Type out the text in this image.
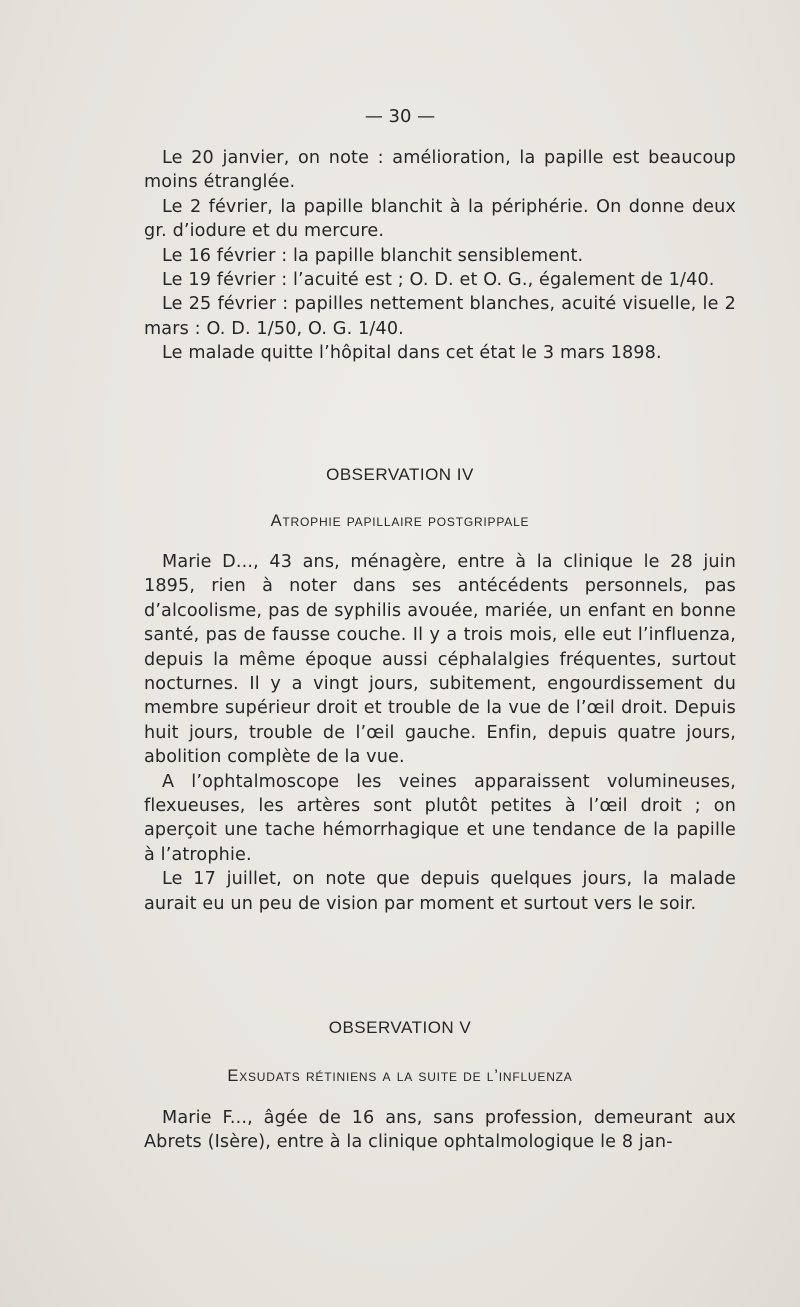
— 30 —

Le 20 janvier, on note : amélioration, la papille est beaucoup moins étranglée.

Le 2 février, la papille blanchit à la périphérie. On donne deux gr. d’iodure et du mercure.

Le 16 février : la papille blanchit sensiblement.

Le 19 février : l’acuité est ; O. D. et O. G., également de 1/40.

Le 25 février : papilles nettement blanches, acuité visuelle, le 2 mars : O. D. 1/50, O. G. 1/40.

Le malade quitte l’hôpital dans cet état le 3 mars 1898.

OBSERVATION IV
Atrophie papillaire postgrippale

Marie D..., 43 ans, ménagère, entre à la clinique le 28 juin 1895, rien à noter dans ses antécédents personnels, pas d’alcoolisme, pas de syphilis avouée, mariée, un enfant en bonne santé, pas de fausse couche. Il y a trois mois, elle eut l’influenza, depuis la même époque aussi céphalalgies fréquentes, surtout nocturnes. Il y a vingt jours, subitement, engourdissement du membre supérieur droit et trouble de la vue de l’œil droit. Depuis huit jours, trouble de l’œil gauche. Enfin, depuis quatre jours, abolition complète de la vue.

A l’ophtalmoscope les veines apparaissent volumineuses, flexueuses, les artères sont plutôt petites à l’œil droit ; on aperçoit une tache hémorrhagique et une tendance de la papille à l’atrophie.

Le 17 juillet, on note que depuis quelques jours, la malade aurait eu un peu de vision par moment et surtout vers le soir.

OBSERVATION V
Exsudats rétiniens a la suite de l’influenza

Marie F..., âgée de 16 ans, sans profession, demeurant aux Abrets (Isère), entre à la clinique ophtalmologique le 8 jan-
